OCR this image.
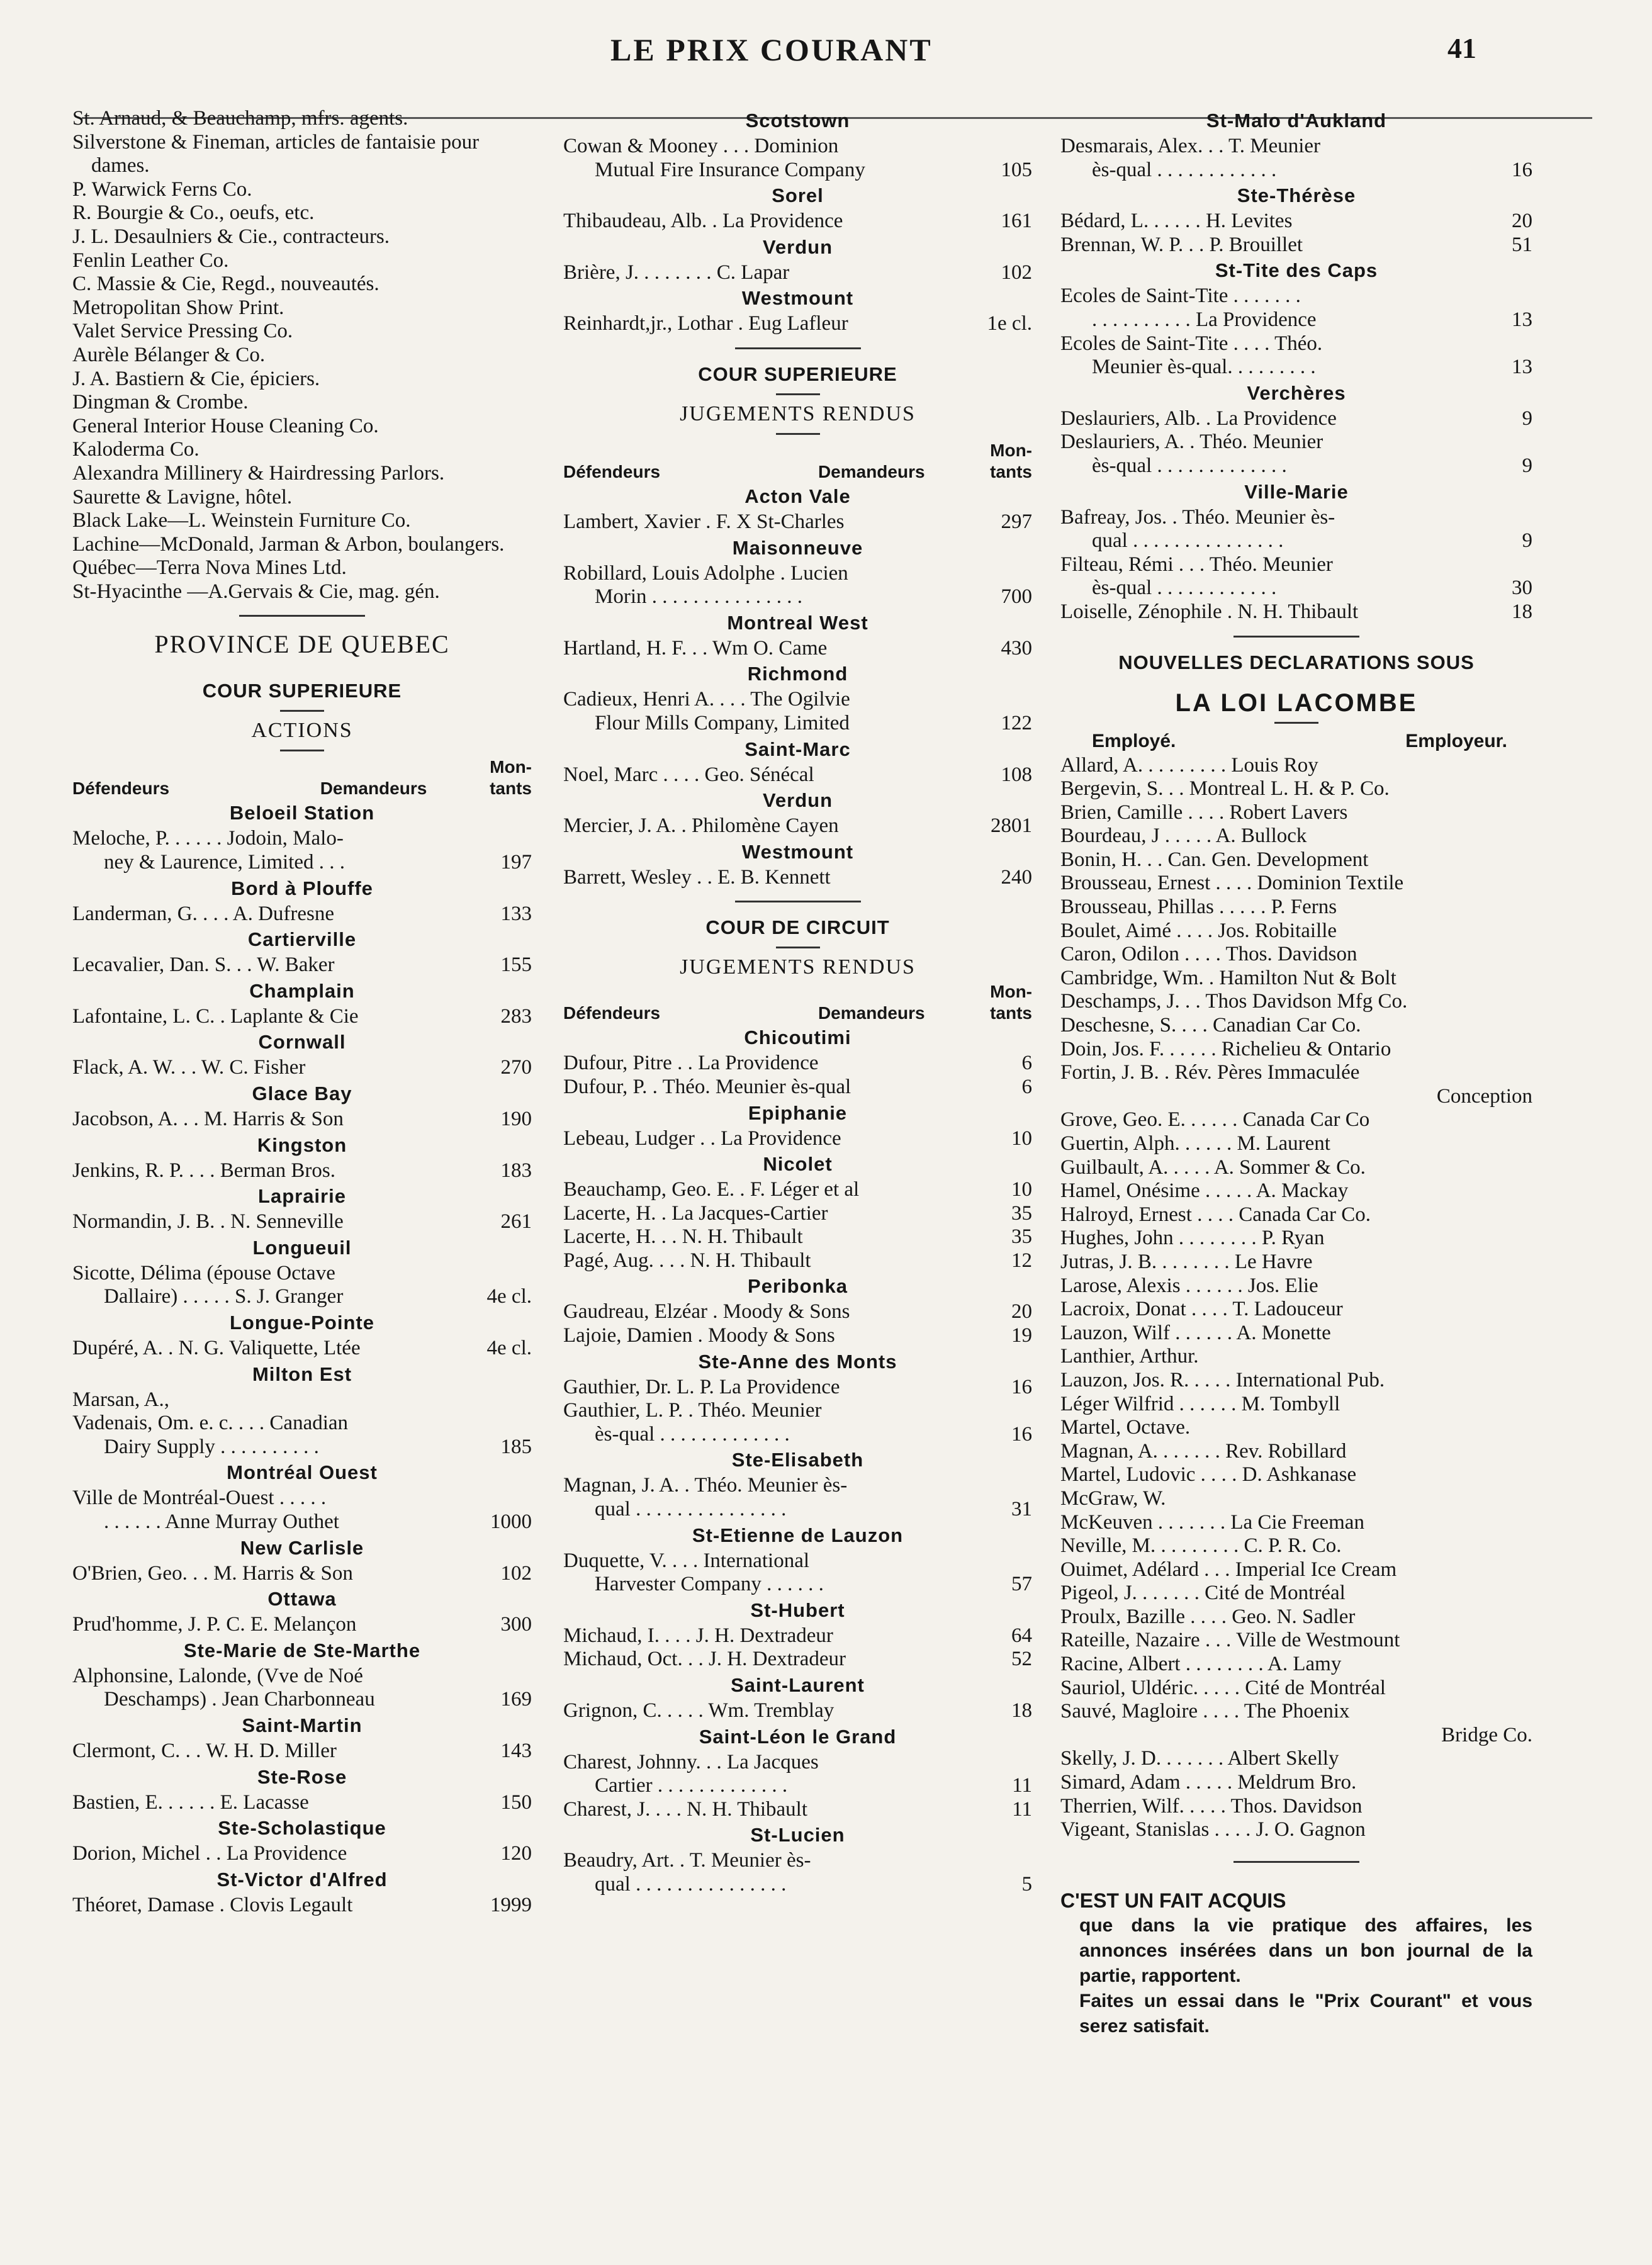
LE PRIX COURANT	41
St. Arnaud, & Beauchamp, mfrs. agents.
Silverstone & Fineman, articles de fantaisie pour dames.
P. Warwick Ferns Co.
R. Bourgie & Co., oeufs, etc.
J. L. Desaulniers & Cie., contracteurs.
Fenlin Leather Co.
C. Massie & Cie, Regd., nouveautés.
Metropolitan Show Print.
Valet Service Pressing Co.
Aurèle Bélanger & Co.
J. A. Bastiern & Cie, épiciers.
Dingman & Crombe.
General Interior House Cleaning Co.
Kaloderma Co.
Alexandra Millinery & Hairdressing Parlors.
Saurette & Lavigne, hôtel.
Black Lake—L. Weinstein Furniture Co.
Lachine—McDonald, Jarman & Arbon, boulangers.
Québec—Terra Nova Mines Ltd.
St-Hyacinthe —A.Gervais & Cie, mag. gén.
PROVINCE DE QUEBEC
COUR SUPERIEURE
ACTIONS
Défendeurs	Demandeurs
Mon-
tants
Beloeil Station
Meloche, P. . . . . . Jodoin, Malo-
ney & Laurence, Limited . . .	197
Bord à Plouffe
Landerman, G. . . . A. Dufresne	133
Cartierville
Lecavalier, Dan. S. . . W. Baker	155
Champlain
Lafontaine, L. C. . Laplante & Cie	283
Cornwall
Flack, A. W. . . W. C. Fisher	270
Glace Bay
Jacobson, A. . . M. Harris & Son	190
Kingston
Jenkins, R. P. . . . Berman Bros.	183
Laprairie
Normandin, J. B. . N. Senneville	261
Longueuil
Sicotte, Délima (épouse Octave
Dallaire) . . . . . S. J. Granger	4e cl.
Longue-Pointe
Dupéré, A. . N. G. Valiquette, Ltée	4e cl.
Milton Est
Marsan, A.,
Vadenais, Om. e. c. . . . Canadian
Dairy Supply . . . . . . . . . .	185
Montréal Ouest
Ville de Montréal-Ouest . . . . .
. . . . . . Anne Murray Outhet	1000
New Carlisle
O'Brien, Geo. . . M. Harris & Son	102
Ottawa
Prud'homme, J. P. C. E. Melançon	300
Ste-Marie de Ste-Marthe
Alphonsine, Lalonde, (Vve de Noé
Deschamps) . Jean Charbonneau	169
Saint-Martin
Clermont, C. . . W. H. D. Miller	143
Ste-Rose
Bastien, E. . . . . . E. Lacasse	150
Ste-Scholastique
Dorion, Michel . . La Providence	120
St-Victor d'Alfred
Théoret, Damase . Clovis Legault	1999
Scotstown
Cowan & Mooney . . . Dominion
Mutual Fire Insurance Company	105
Sorel
Thibaudeau, Alb. . La Providence	161
Verdun
Brière, J. . . . . . . . C. Lapar	102
Westmount
Reinhardt,jr., Lothar . Eug Lafleur	1e cl.
COUR SUPERIEURE
JUGEMENTS RENDUS
Défendeurs	Demandeurs
Mon-
tants
Acton Vale
Lambert, Xavier . F. X St-Charles	297
Maisonneuve
Robillard, Louis Adolphe . Lucien
Morin . . . . . . . . . . . . . . .	700
Montreal West
Hartland, H. F. . . Wm O. Came	430
Richmond
Cadieux, Henri A. . . . The Ogilvie
Flour Mills Company, Limited	122
Saint-Marc
Noel, Marc . . . . Geo. Sénécal	108
Verdun
Mercier, J. A. . Philomène Cayen	2801
Westmount
Barrett, Wesley . . E. B. Kennett	240
COUR DE CIRCUIT
JUGEMENTS RENDUS
Défendeurs	Demandeurs
Mon-
tants
Chicoutimi
Dufour, Pitre . . La Providence	6
Dufour, P. . Théo. Meunier ès-qual	6
Epiphanie
Lebeau, Ludger . . La Providence	10
Nicolet
Beauchamp, Geo. E. . F. Léger et al	10
Lacerte, H. . La Jacques-Cartier	35
Lacerte, H. . . N. H. Thibault	35
Pagé, Aug. . . . N. H. Thibault	12
Peribonka
Gaudreau, Elzéar . Moody & Sons	20
Lajoie, Damien . Moody & Sons	19
Ste-Anne des Monts
Gauthier, Dr. L. P. La Providence	16
Gauthier, L. P. . Théo. Meunier
ès-qual . . . . . . . . . . . . .	16
Ste-Elisabeth
Magnan, J. A. . Théo. Meunier ès-
qual . . . . . . . . . . . . . . .	31
St-Etienne de Lauzon
Duquette, V. . . . International
Harvester Company . . . . . .	57
St-Hubert
Michaud, I. . . . J. H. Dextradeur	64
Michaud, Oct. . . J. H. Dextradeur	52
Saint-Laurent
Grignon, C. . . . . Wm. Tremblay	18
Saint-Léon le Grand
Charest, Johnny. . . La Jacques
Cartier . . . . . . . . . . . . .	11
Charest, J. . . . N. H. Thibault	11
St-Lucien
Beaudry, Art. . T. Meunier ès-
qual . . . . . . . . . . . . . . .	5
St-Malo d'Aukland
Desmarais, Alex. . . T. Meunier
ès-qual . . . . . . . . . . . .	16
Ste-Thérèse
Bédard, L. . . . . . H. Levites	20
Brennan, W. P. . . P. Brouillet	51
St-Tite des Caps
Ecoles de Saint-Tite . . . . . . .
. . . . . . . . . . La Providence	13
Ecoles de Saint-Tite . . . . Théo.
Meunier ès-qual. . . . . . . . .	13
Verchères
Deslauriers, Alb. . La Providence	9
Deslauriers, A. . Théo. Meunier
ès-qual . . . . . . . . . . . . .	9
Ville-Marie
Bafreay, Jos. . Théo. Meunier ès-
qual . . . . . . . . . . . . . . .	9
Filteau, Rémi . . . Théo. Meunier
ès-qual . . . . . . . . . . . .	30
Loiselle, Zénophile . N. H. Thibault	18
NOUVELLES DECLARATIONS SOUS
LA LOI LACOMBE
Employé.	Employeur.
Allard, A. . . . . . . . . Louis Roy
Bergevin, S. . . Montreal L. H. & P. Co.
Brien, Camille . . . . Robert Lavers
Bourdeau, J . . . . . A. Bullock
Bonin, H. . . Can. Gen. Development
Brousseau, Ernest . . . . Dominion Textile
Brousseau, Phillas . . . . . P. Ferns
Boulet, Aimé . . . . Jos. Robitaille
Caron, Odilon . . . . Thos. Davidson
Cambridge, Wm. . Hamilton Nut & Bolt
Deschamps, J. . . Thos Davidson Mfg Co.
Deschesne, S. . . . Canadian Car Co.
Doin, Jos. F. . . . . . Richelieu & Ontario
Fortin, J. B. . Rév. Pères Immaculée
Conception
Grove, Geo. E. . . . . . Canada Car Co
Guertin, Alph. . . . . . M. Laurent
Guilbault, A. . . . . A. Sommer & Co.
Hamel, Onésime . . . . . A. Mackay
Halroyd, Ernest . . . . Canada Car Co.
Hughes, John . . . . . . . . P. Ryan
Jutras, J. B. . . . . . . . Le Havre
Larose, Alexis . . . . . . Jos. Elie
Lacroix, Donat . . . . T. Ladouceur
Lauzon, Wilf . . . . . . A. Monette
Lanthier, Arthur.
Lauzon, Jos. R. . . . . International Pub.
Léger Wilfrid . . . . . . M. Tombyll
Martel, Octave.
Magnan, A. . . . . . . Rev. Robillard
Martel, Ludovic . . . . D. Ashkanase
McGraw, W.
McKeuven . . . . . . . La Cie Freeman
Neville, M. . . . . . . . . C. P. R. Co.
Ouimet, Adélard . . . Imperial Ice Cream
Pigeol, J. . . . . . . Cité de Montréal
Proulx, Bazille . . . . Geo. N. Sadler
Rateille, Nazaire . . . Ville de Westmount
Racine, Albert . . . . . . . . A. Lamy
Sauriol, Uldéric. . . . . Cité de Montréal
Sauvé, Magloire . . . . The Phoenix
Bridge Co.
Skelly, J. D. . . . . . . Albert Skelly
Simard, Adam . . . . . Meldrum Bro.
Therrien, Wilf. . . . . Thos. Davidson
Vigeant, Stanislas . . . . J. O. Gagnon
C'EST UN FAIT ACQUIS
que dans la vie pratique des affaires, les annonces insérées dans un bon journal de la partie, rapportent.
Faites un essai dans le "Prix Courant" et vous serez satisfait.
